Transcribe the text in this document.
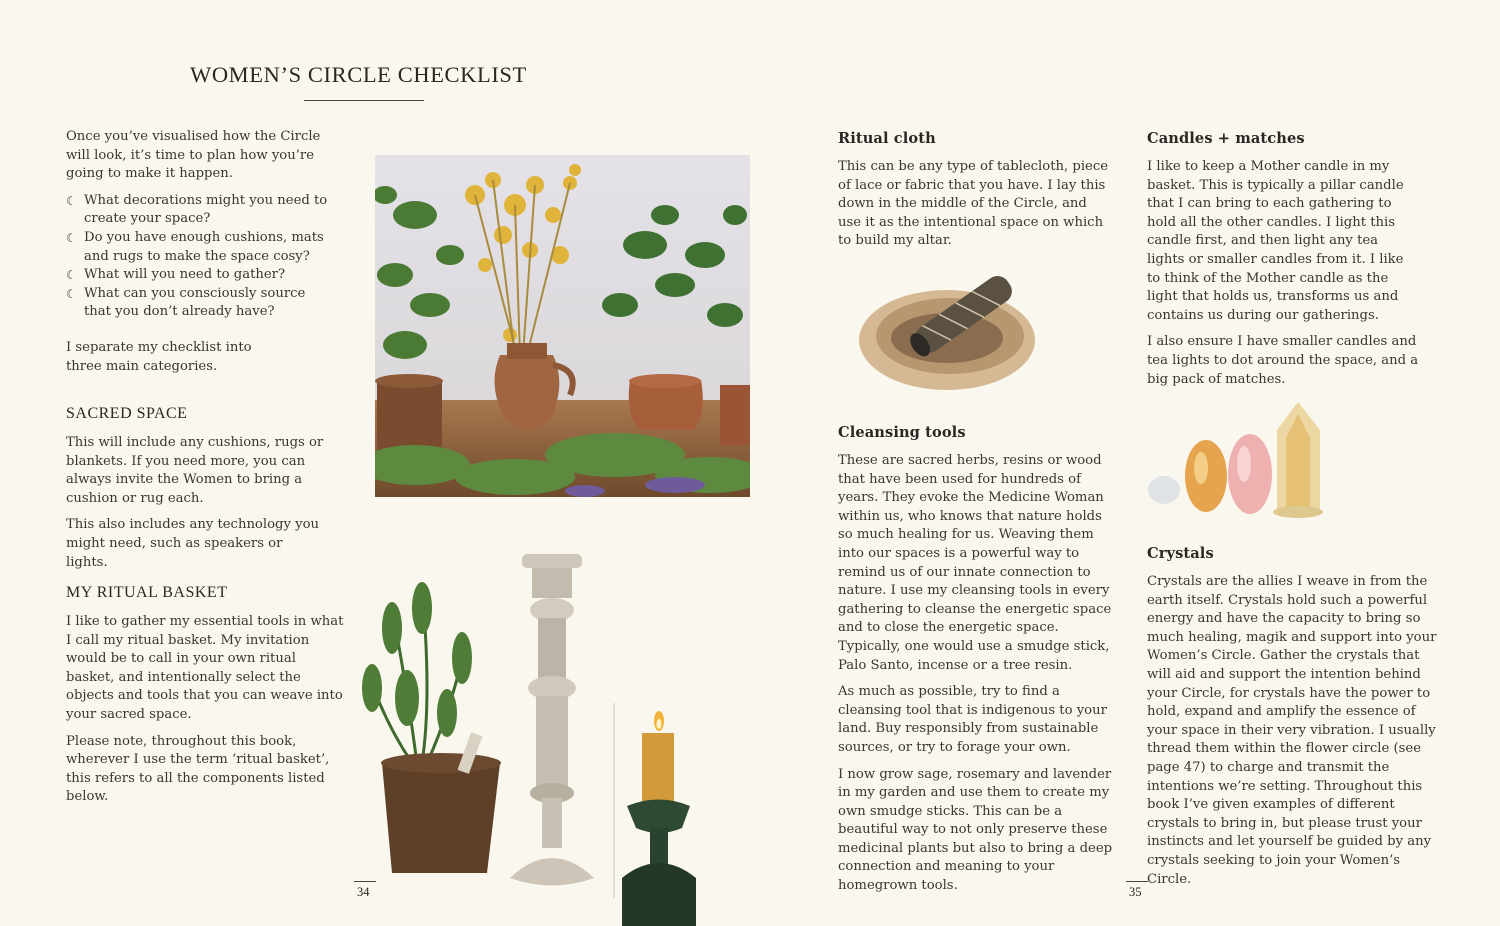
WOMEN’S CIRCLE CHECKLIST

Once you’ve visualised how the Circle will look, it’s time to plan how you’re going to make it happen.

☾ What decorations might you need to create your space?
☾ Do you have enough cushions, mats and rugs to make the space cosy?
☾ What will you need to gather?
☾ What can you consciously source that you don’t already have?
I separate my checklist into three main categories.
SACRED SPACE

This will include any cushions, rugs or blankets. If you need more, you can always invite the Women to bring a cushion or rug each.

This also includes any technology you might need, such as speakers or lights.

MY RITUAL BASKET

I like to gather my essential tools in what I call my ritual basket. My invitation would be to call in your own ritual basket, and intentionally select the objects and tools that you can weave into your sacred space.

Please note, throughout this book, wherever I use the term ‘ritual basket’, this refers to all the components listed below.

34
Ritual cloth
This can be any type of tablecloth, piece of lace or fabric that you have. I lay this down in the middle of the Circle, and use it as the intentional space on which to build my altar.
Cleansing tools

These are sacred herbs, resins or wood that have been used for hundreds of years. They evoke the Medicine Woman within us, who knows that nature holds so much healing for us. Weaving them into our spaces is a powerful way to remind us of our innate connection to nature. I use my cleansing tools in every gathering to cleanse the energetic space and to close the energetic space. Typically, one would use a smudge stick, Palo Santo, incense or a tree resin.

As much as possible, try to find a cleansing tool that is indigenous to your land. Buy responsibly from sustainable sources, or try to forage your own.

I now grow sage, rosemary and lavender in my garden and use them to create my own smudge sticks. This can be a beautiful way to not only preserve these medicinal plants but also to bring a deep connection and meaning to your homegrown tools.	35
Candles + matches

I like to keep a Mother candle in my basket. This is typically a pillar candle that I can bring to each gathering to hold all the other candles. I light this candle first, and then light any tea lights or smaller candles from it. I like to think of the Mother candle as the light that holds us, transforms us and contains us during our gatherings.

I also ensure I have smaller candles and tea lights to dot around the space, and a big pack of matches.

Crystals
Crystals are the allies I weave in from the earth itself. Crystals hold such a powerful energy and have the capacity to bring so much healing, magik and support into your Women’s Circle. Gather the crystals that will aid and support the intention behind your Circle, for crystals have the power to hold, expand and amplify the essence of your space in their very vibration. I usually thread them within the flower circle (see page 47) to charge and transmit the intentions we’re setting. Throughout this book I’ve given examples of different crystals to bring in, but please trust your instincts and let yourself be guided by any crystals seeking to join your Women’s Circle.
